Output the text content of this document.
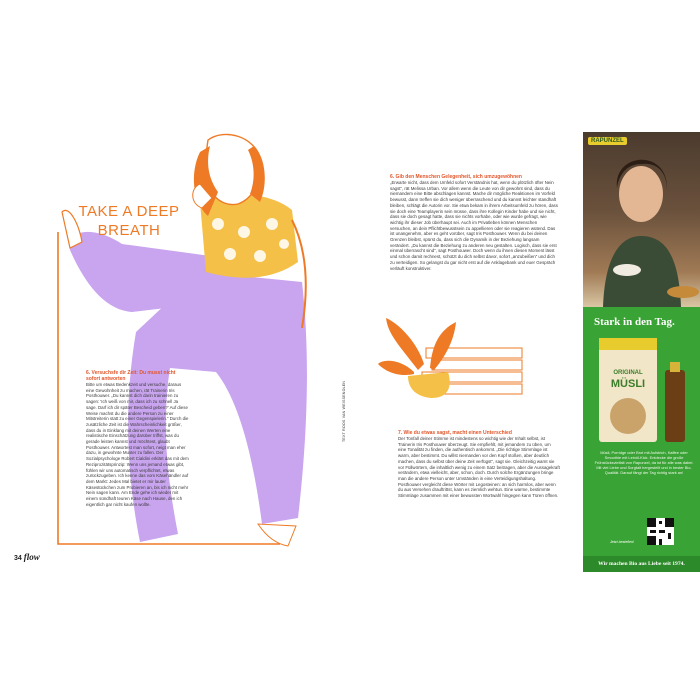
TAKE A DEEP
BREATH

6. Versuchsfe dir Zeit: Du musst nicht sofort antworten

Bitte um etwas Bedenkzeit und versuche, daraus eine Gewohnheit zu machen, rät Trainerin Iris Posthouwer. „Du kannst dich darin trainieren zu sagen: 'Ich weiß von mir, dass ich zu schnell Ja sage. Darf ich dir später Bescheid geben?' Auf diese Weise machst du die andere Person zu einer Mitstreiterin statt zu einer Gegenspielerin.“ Durch die zusätzliche Zeit ist die Wahrscheinlichkeit größer, dass du in Einklang mit deinen Werten eine realistische Einschätzung darüber triffst, was du gerade leisten kannst und möchtest, glaubt Posthouwer. Antwortest man sofort, neigt man eher dazu, in gewohnte Muster zu fallen. Der Sozialpsychologe Robert Cialdini erklärt das mit dem Reziprozitätsprinzip: Wenn uns jemand etwas gibt, fühlen wir uns automatisch verpflichtet, etwas zurückzugeben. Ich kenne das vom Käsehändler auf dem Markt: Jedes Mal bietet er mir lauter Käsestückchen zum Probieren an, bis ich nicht mehr Nein sagen kann. Am Ende gehe ich wieder mit einem sündhaft teuren Käse nach Hause, den ich eigentlich gar nicht kaufen wollte.

6. Gib den Menschen Gelegenheit, sich umzugewöhnen

„Erwarte nicht, dass dem Umfeld sofort Verständnis hat, wenn du plötzlich öfter Nein sagst“, rät Melissa Urban. Vor allem wenn die Leute von dir gewohnt sind, dass du niemandem eine Bitte abschlagen kannst. Mache dir mögliche Reaktionen im Vorfeld bewusst, dann treffen sie dich weniger überraschend und du kannst leichter standhaft bleiben, schlägt die Autorin vor. Sie etwa bekam in ihrem Arbeitsumfeld zu hören, dass sie doch eine Teamplayerin sein müsse, dass ihre Kollegin Kinder habe und sie nicht, dass sie doch gesagt hatte, dass sie nichts vorhabe, oder wie wurde gefragt, wie wichtig ihr dieser Job überhaupt sei. Auch im Privatleben können Menschen versuchen, an dein Pflichtbewusstsein zu appellieren oder sie reagieren wütend. Das ist unangenehm, aber es geht vorüber, sagt Iris Posthouwer. Wenn du bei deinen Grenzen bleibst, spürst du, dass sich die Dynamik in der Beziehung langsam verändert. „Du kannst die Beziehung zu anderen neu gestalten. Logisch, dass sie erst einmal überrascht sind“, sagt Posthouwer. Doch wenn du ihnen diesen Moment lässt und schon damit rechnest, schützt du dich selbst davor, sofort „anzubeißen“ und dich zu verteidigen. So gelangst du gar nicht erst auf die Anklagebank und euer Gespräch verläuft konstruktiver.

7. Wie du etwas sagst, macht einen Unterschied

Der Tonfall deiner Stimme ist mindestens so wichtig wie der Inhalt selbst, ist Trainerin Iris Posthouwer überzeugt. Sie empfiehlt, mit jemandem zu üben, um eine Tonalität zu finden, die authentisch ankommt. „Die richtige Stimmlage ist warm, aber bestimmt. Du willst niemanden vor den Kopf stoßen, aber deutlich machen, dass du selbst über deine Zeit verfügst“, sagt sie. Gleichzeitig warnt sie vor Füllwörtern, die inhaltlich wenig zu einem Satz beitragen, aber die Aussagekraft verändern, etwa vielleicht, aber, schon, doch. Durch solche Ergänzungen bringe man die andere Person unter Umständen in eine Verteidigungshaltung. Posthouwer vergleicht diese Wörter mit Legosteinen: an sich harmlos, aber wenn du aus Versehen drauftrittst, kann es ziemlich wehtun. Eine warme, bestimmte Stimmlage zusammen mit einer bewussten Wortwahl hingegen kann Türen öffnen.

TEXT ROOS VAN WEISSENOLEN
34 flow
RAPUNZEL
Stark in den Tag.
ORIGINAL
MÜSLI
Müsli, Porridge oder Brot mit Aufstrich, Kaffee oder Smoothie mit Leinöl-Kick. Entdecke die große Frühstücksvielfalt von Rapunzel, da ist für alle was dabei. Mit viel Liebe und Sorgfalt hergestellt und in bester Bio-Qualität. Darauf fängt der Tag richtig stark an!
Jetzt bestellen!
Wir machen Bio aus Liebe seit 1974.
